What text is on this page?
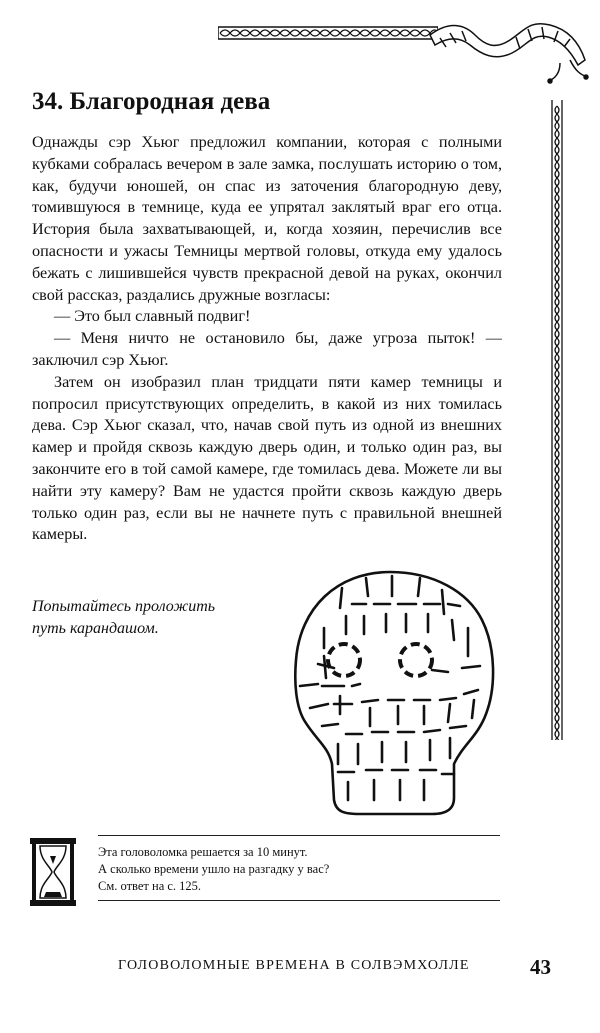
34. Благородная дева

Однажды сэр Хьюг предложил компании, которая с полными кубками собралась вечером в зале замка, послушать историю о том, как, будучи юношей, он спас из заточения благородную деву, томившуюся в темнице, куда ее упрятал заклятый враг его отца. История была захватывающей, и, когда хозяин, перечислив все опасности и ужасы Темницы мертвой головы, откуда ему удалось бежать с лишившейся чувств прекрасной девой на руках, окончил свой рассказ, раздались дружные возгласы:

— Это был славный подвиг!

— Меня ничто не остановило бы, даже угроза пыток! — заключил сэр Хьюг.

Затем он изобразил план тридцати пяти камер темницы и попросил присутствующих определить, в какой из них томилась дева. Сэр Хьюг сказал, что, начав свой путь из одной из внешних камер и пройдя сквозь каждую дверь один, и только один раз, вы закончите его в той самой камере, где томилась дева. Можете ли вы найти эту камеру? Вам не удастся пройти сквозь каждую дверь только один раз, если вы не начнете путь с правильной внешней камеры.

Попытайтесь проложить
путь карандашом.
Эта головоломка решается за 10 минут.
А сколько времени ушло на разгадку у вас?
См. ответ на с. 125.
ГОЛОВОЛОМНЫЕ ВРЕМЕНА В СОЛВЭМХОЛЛЕ	43
